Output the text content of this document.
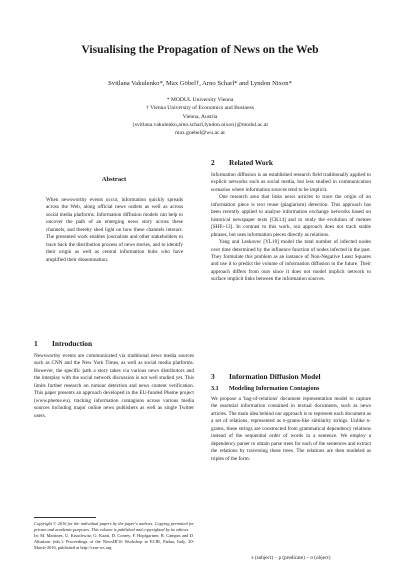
Visualising the Propagation of News on the Web
Svitlana Vakulenko*, Max Göbel†, Arno Scharl* and Lyndon Nixon*
* MODUL University Vienna
† Vienna University of Economics and Business
Vienna, Austria
{svitlana.vakulenko,arno.scharl,lyndon.nixon}@modul.ac.at
max.goebel@wu.ac.at
Abstract

When newsworthy events occur, information quickly spreads across the Web, along official news outlets as well as across social media platforms. Information diffusion models can help to uncover the path of an emerging news story across these channels, and thereby shed light on how these channels interact. The presented work enables journalists and other stakeholders to trace back the distribution process of news stories, and to identify their origin as well as central information hubs who have amplified their dissemination.

1 Introduction

Newsworthy events are communicated via traditional news media sources such as CNN and the New York Times, as well as social media platforms. However, the specific path a story takes via various news distributors and the interplay with the social network discussion is not well studied yet. This limits further research on rumour detection and news content verification. This paper presents an approach developed in the EU-funded Pheme project (www.pheme.eu), tracking information contagions across various media sources including major online news publishers as well as single Twitter users.

Copyright © 2016 for the individual papers by the paper's authors. Copying permitted for private and academic purposes. This volume is published and copyrighted by its editors.

In: M. Martinez, U. Kruschwitz, G. Kazai, D. Corney, F. Hopfgartner, R. Campos and D. Albakour (eds.): Proceedings of the NewsIR'16 Workshop at ECIR, Padua, Italy, 20-March-2016, published at http://ceur-ws.org

2 Related Work

Information diffusion is an established research field traditionally applied to explicit networks such as social media, but less studied in communication scenarios where information sources tend to be implicit.

One research area that links news articles to trace the origin of an information piece is text reuse (plagiarism) detection. This approach has been recently applied to analyse information exchange networks based on historical newspaper texts [CK14] and to study the evolution of memes [SHE+13]. In contrast to this work, our approach does not track stable phrases, but uses information pieces directly as relations.

Yang and Leskovec [YL10] model the total number of infected nodes over time determined by the influence function of nodes infected in the past. They formulate this problem as an instance of Non-Negative Least Squares and use it to predict the volume of information diffusion in the future. Their approach differs from ours since it does not model implicit network to surface implicit links between the information sources.

3 Information Diffusion Model
3.1 Modeling Information Contagions

We propose a 'bag-of-relations' document representation model to capture the essential information contained in textual documents, such as news articles. The main idea behind our approach is to represent each document as a set of relations, represented as n-grams-like similarity strings. Unlike n-grams, these strings are constructed from grammatical dependency relations instead of the sequential order of words in a sentence. We employ a dependency parser to obtain parse trees for each of the sentences and extract the relations by traversing these trees. The relations are then modeled as triples of the form:

s (subject) − p (predicate) − o (object)
